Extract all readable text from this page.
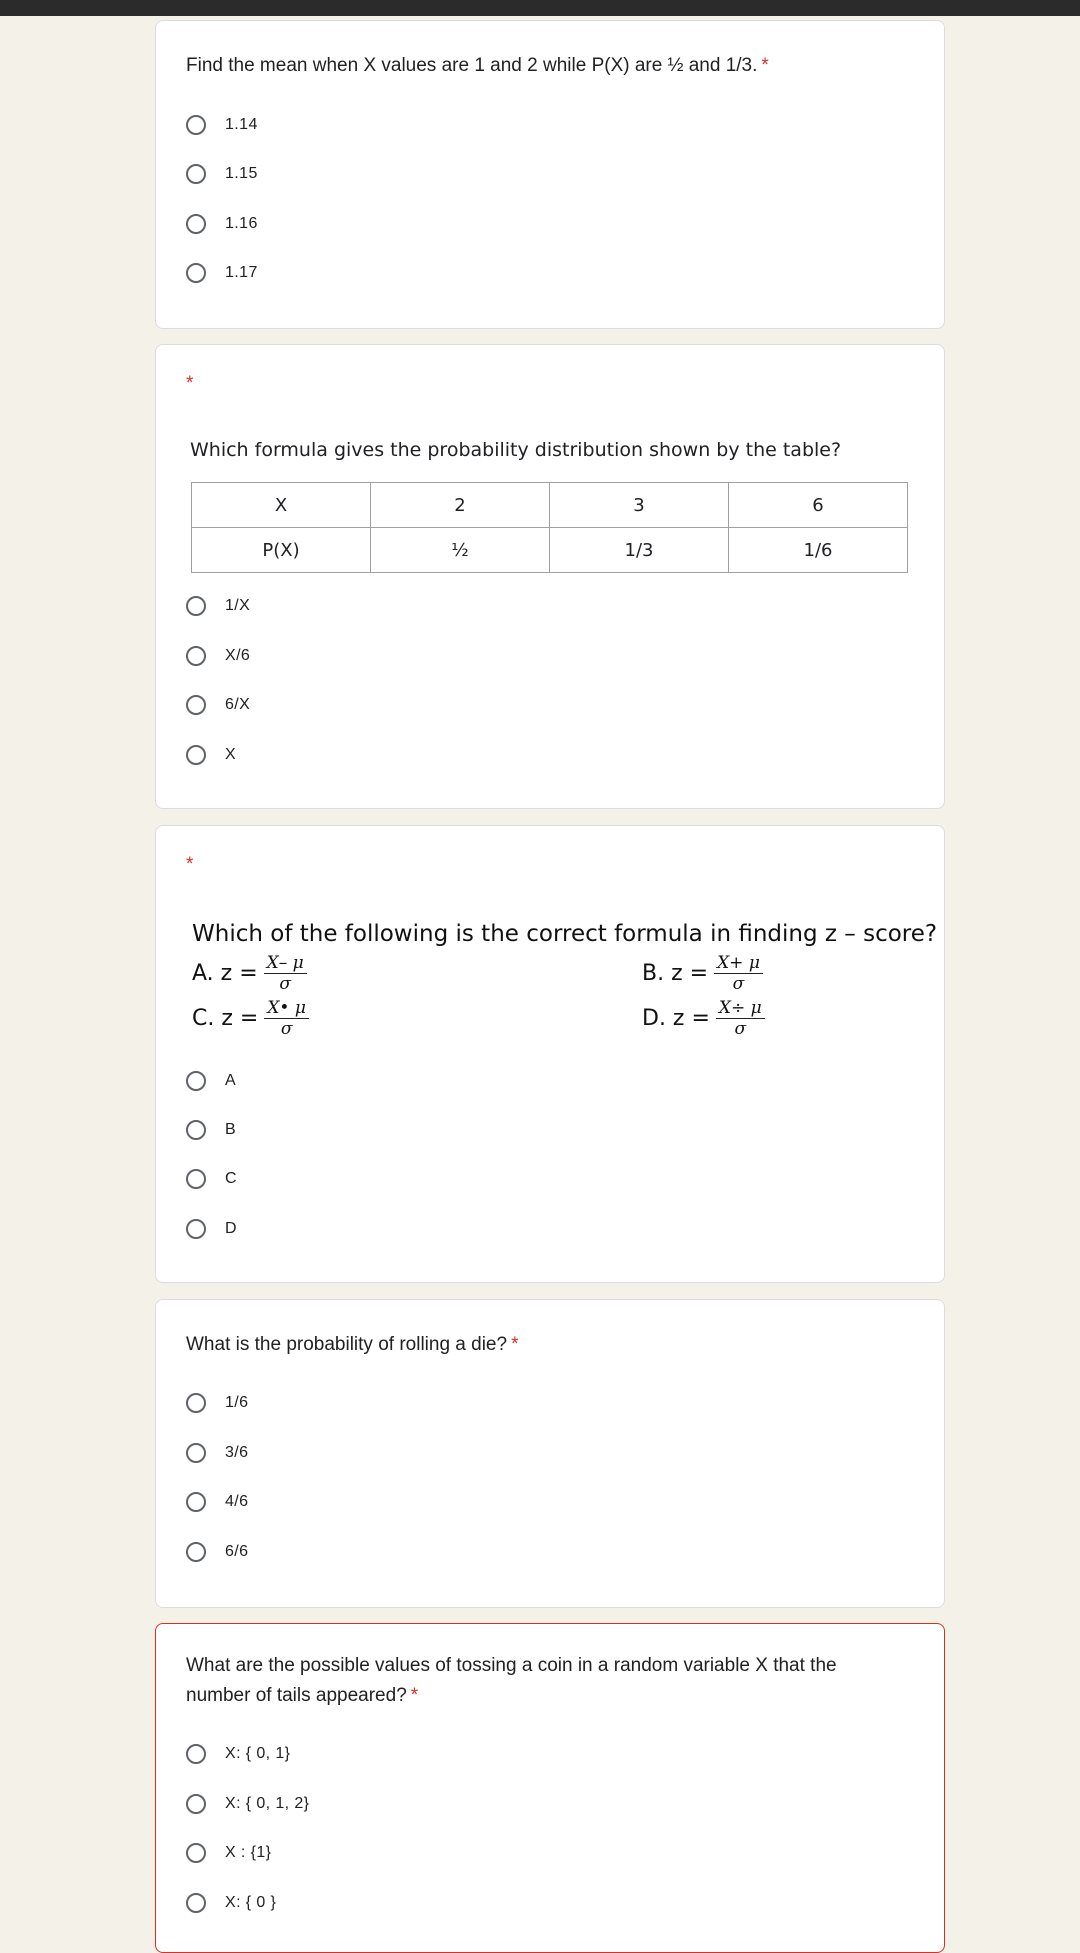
Find the mean when X values are 1 and 2 while P(X) are ½ and 1/3. *
1.14
1.15
1.16
1.17
*
Which formula gives the probability distribution shown by the table?
X	2	3	6
P(X)	½	1/3	1/6
1/X
X/6
6/X
X
*
Which of the following is the correct formula in finding z – score?
A. $z = \frac{X- \mu}{\sigma}$	B. $z = \frac{X+ \mu}{\sigma}$
C. $z = \frac{X• \mu}{\sigma}$	D. $z = \frac{X\div \mu}{\sigma}$
A
B
C
D
What is the probability of rolling a die? *
1/6
3/6
4/6
6/6
What are the possible values of tossing a coin in a random variable X that the number of tails appeared? *
X: { 0, 1}
X: { 0, 1, 2}
X : {1}
X: { 0 }
